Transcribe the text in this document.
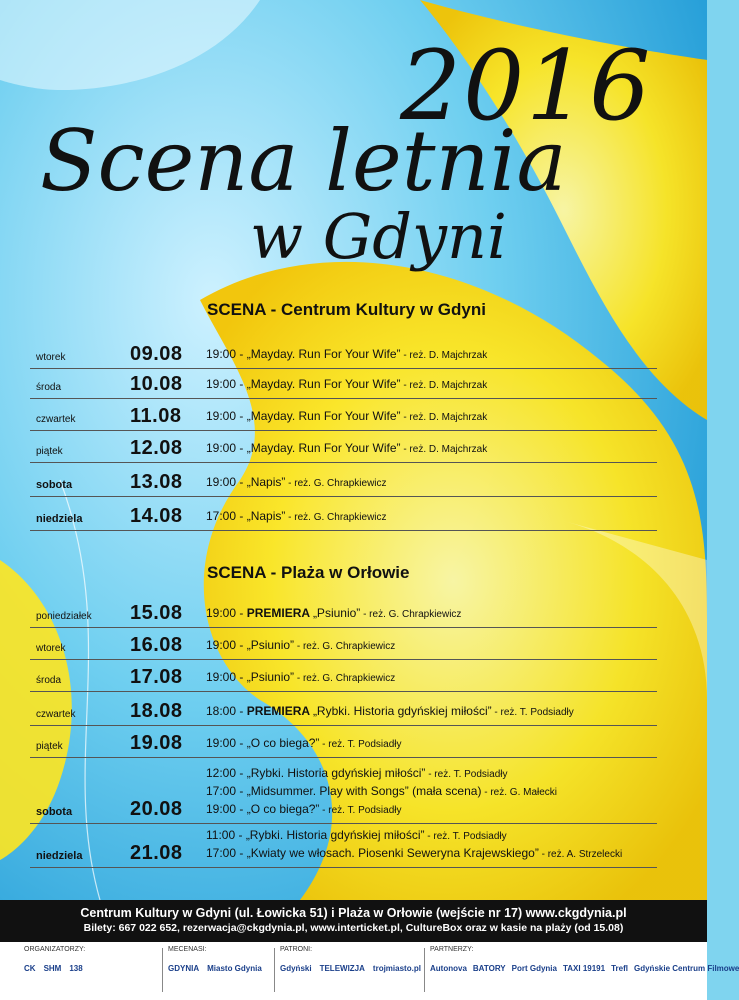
2016
Scena letnia
w Gdyni
SCENA - Centrum Kultury w Gdyni
wtorek	09.08 19:00 - „Mayday. Run For Your Wife” - reż. D. Majchrzak
środa	10.08 19:00 - „Mayday. Run For Your Wife” - reż. D. Majchrzak
czwartek	11.08 19:00 - „Mayday. Run For Your Wife” - reż. D. Majchrzak
piątek	12.08 19:00 - „Mayday. Run For Your Wife” - reż. D. Majchrzak
sobota	13.08 19:00 - „Napis” - reż. G. Chrapkiewicz
niedziela 14.08 17:00 - „Napis” - reż. G. Chrapkiewicz
SCENA - Plaża w Orłowie
poniedziałek 15.08 19:00 - PREMIERA „Psiunio” - reż. G. Chrapkiewicz
wtorek	16.08 19:00 - „Psiunio” - reż. G. Chrapkiewicz
środa	17.08 19:00 - „Psiunio” - reż. G. Chrapkiewicz
czwartek	18.08 18:00 - PREMIERA „Rybki. Historia gdyńskiej miłości” - reż. T. Podsiadły
piątek	19.08 19:00 - „O co biega?” - reż. T. Podsiadły
sobota	20.08
12:00 - „Rybki. Historia gdyńskiej miłości” - reż. T. Podsiadły
17:00 - „Midsummer. Play with Songs” (mała scena) - reż. G. Małecki
19:00 - „O co biega?” - reż. T. Podsiadły
niedziela 21.08
11:00 - „Rybki. Historia gdyńskiej miłości” - reż. T. Podsiadły
17:00 - „Kwiaty we włosach. Piosenki Seweryna Krajewskiego” - reż. A. Strzelecki
Centrum Kultury w Gdyni (ul. Łowicka 51) i Plaża w Orłowie (wejście nr 17) www.ckgdynia.pl
Bilety: 667 022 652, rezerwacja@ckgdynia.pl, www.interticket.pl, CultureBox oraz w kasie na plaży (od 15.08)
ORGANIZATORZY:
CK SHM 138
MECENASI:
GDYNIA Miasto Gdynia
PATRONI:
Gdyński TELEWIZJA trojmiasto.pl
PARTNERZY:
Autonova BATORY Port Gdynia TAXI 19191 Trefl Gdyńskie Centrum Filmowe
